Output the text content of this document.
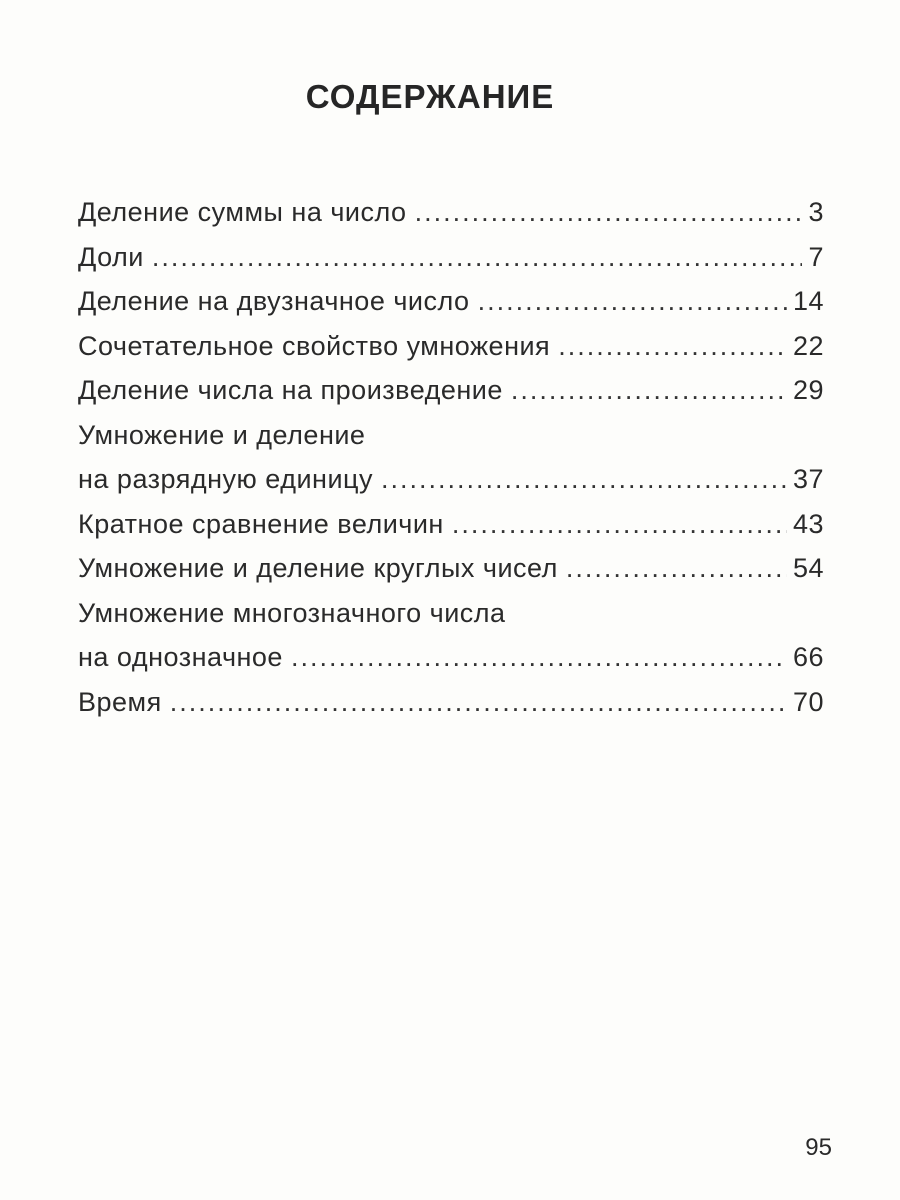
СОДЕРЖАНИЕ
Деление суммы на число .....	3
Доли .....	7
Деление на двузначное число .....	14
Сочетательное свойство умножения .....	22
Деление числа на произведение .....	29
Умножение и деление
на разрядную единицу .....	37
Кратное сравнение величин .....	43
Умножение и деление круглых чисел .....	54
Умножение многозначного числа
на однозначное .....	66
Время .....	70
95
